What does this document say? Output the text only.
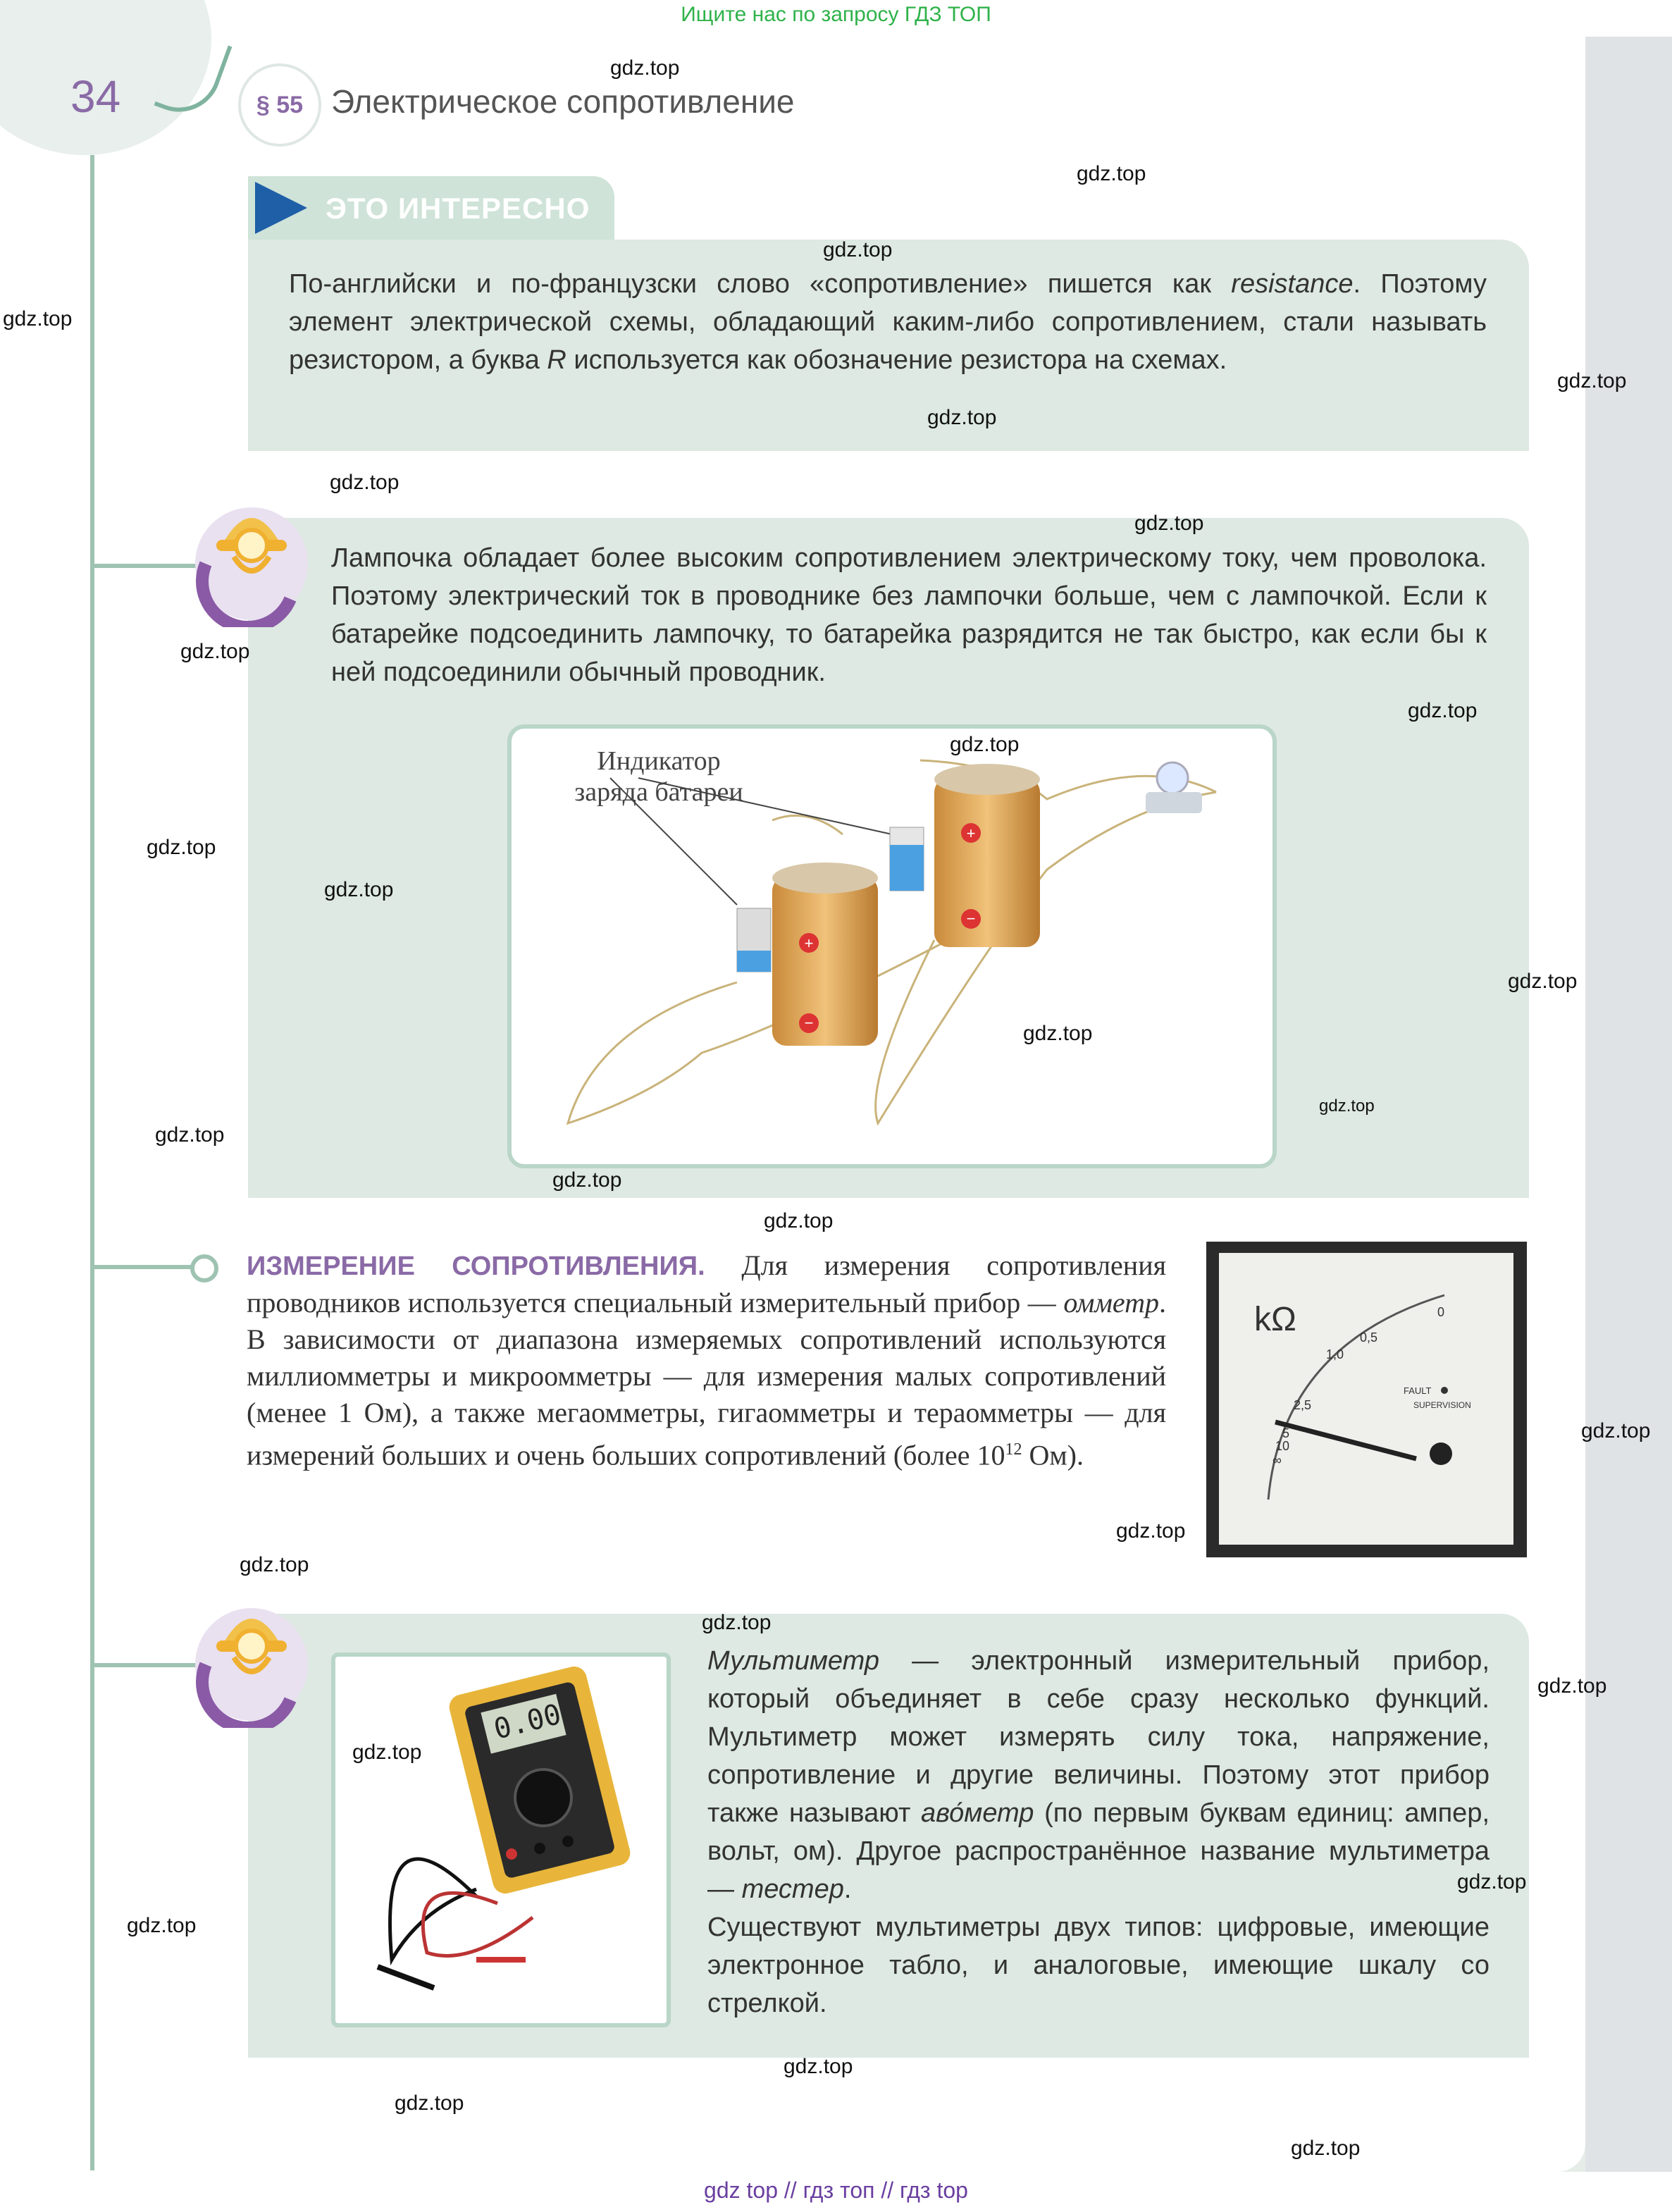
Ищите нас по запросу ГДЗ ТОП
34	§ 55 Электрическое сопротивление

По-английски и по-французски слово «сопротивление» пишется как resistance. Поэтому элемент электрической схемы, обладающий каким-либо сопротивлением, стали называть резистором, а буква R используется как обозначение резистора на схемах.

ЭТО ИНТЕРЕСНО

Лампочка обладает более высоким сопротивлением электрическому току, чем проволока. Поэтому электрический ток в проводнике без лампочки больше, чем с лампочкой. Если к батарейке подсоединить лампочку, то батарейка разрядится не так быстро, как если бы к ней подсоединили обычный проводник.

Индикатор
заряда батареи
+
−
+
−

ИЗМЕРЕНИЕ СОПРОТИВЛЕНИЯ. Для измерения сопротивления проводников используется специальный измерительный прибор — омметр. В зависимости от диапазона измеряемых сопротивлений используются миллиомметры и микроомметры — для измерения малых сопротивлений (менее 1 Ом), а также мегаомметры, гигаомметры и тераомметры — для измерений больших и очень больших сопротивлений (более $10^{12}$ Ом).

kΩ	0
0,5
1,0
2,5
5
10
∞
FAULT
SUPERVISION

Мультиметр — электронный измерительный прибор, который объединяет в себе сразу несколько функций. Мультиметр может измерять силу тока, напряжение, сопротивление и другие величины. Поэтому этот прибор также называют аво́метр (по первым буквам единиц: ампер, вольт, ом). Другое распространённое название мультиметра — тестер.
Существуют мультиметры двух типов: цифровые, имеющие электронное табло, и аналоговые, имеющие шкалу со стрелкой.

0.00
gdz.top
gdz.top
gdz.top
gdz.top
gdz.top
gdz.top
gdz.top
gdz.top
gdz.top
gdz.top
gdz.top
gdz.top
gdz.top
gdz.top
gdz.top
gdz.top
gdz.top
gdz.top
gdz.top
gdz.top
gdz.top
gdz.top
gdz.top
gdz.top
gdz.top
gdz.top
gdz.top
gdz.top
gdz.top
gdz.top
gdz top // гдз топ // гдз top
